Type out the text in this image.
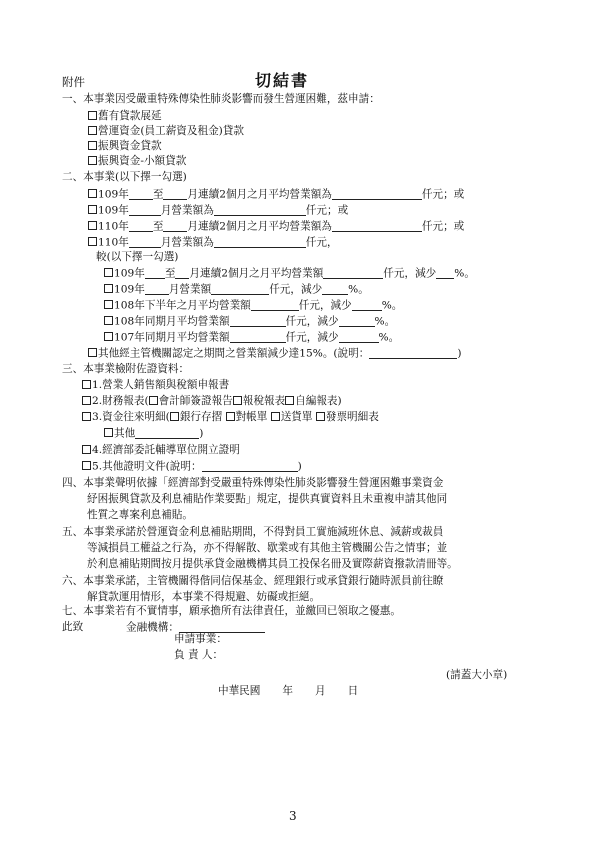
附件	切結書
一、本事業因受嚴重特殊傳染性肺炎影響而發生營運困難，茲申請：
舊有貸款展延
營運資金(員工薪資及租金)貸款
振興資金貸款
振興資金-小額貸款
二、本事業(以下擇一勾選)
109年 至 月連續2個月之月平均營業額為	仟元；或
109年	月營業額為	仟元；或
110年 至 月連續2個月之月平均營業額為	仟元；或
110年	月營業額為	仟元，
較(以下擇一勾選)
109年 至 月連續2個月之月平均營業額	仟元，減少 %。
109年 月營業額	仟元，減少 %。
108年下半年之月平均營業額	仟元，減少	%。
108年同期月平均營業額	仟元，減少	%。
107年同期月平均營業額	仟元，減少	%。
其他經主管機關認定之期間之營業額減少達15%。(說明：	)
三、本事業檢附佐證資料：
1.營業人銷售額與稅額申報書
2.財務報表( 會計師簽證報告 報稅報表 自編報表)
3.資金往來明細( 銀行存摺 對帳單 送貨單 發票明細表
其他	)
4.經濟部委託輔導單位開立證明
5.其他證明文件(說明：	)
四、本事業聲明依據「經濟部對受嚴重特殊傳染性肺炎影響發生營運困難事業資金
紓困振興貸款及利息補貼作業要點」規定，提供真實資料且未重複申請其他同
性質之專案利息補貼。
五、本事業承諾於營運資金利息補貼期間，不得對員工實施減班休息、減薪或裁員
等減損員工權益之行為，亦不得解散、歇業或有其他主管機關公告之情事；並
於利息補貼期間按月提供承貸金融機構其員工投保名冊及實際薪資撥款清冊等。
六、本事業承諾，主管機關得偕同信保基金、經理銀行或承貸銀行隨時派員前往瞭
解貸款運用情形，本事業不得規避、妨礙或拒絕。
七、本事業若有不實情事，願承擔所有法律責任，並繳回已領取之優惠。
此致	金融機構：
申請事業：
負 責 人：
(請蓋大小章)
中華民國 年 月 日
3
